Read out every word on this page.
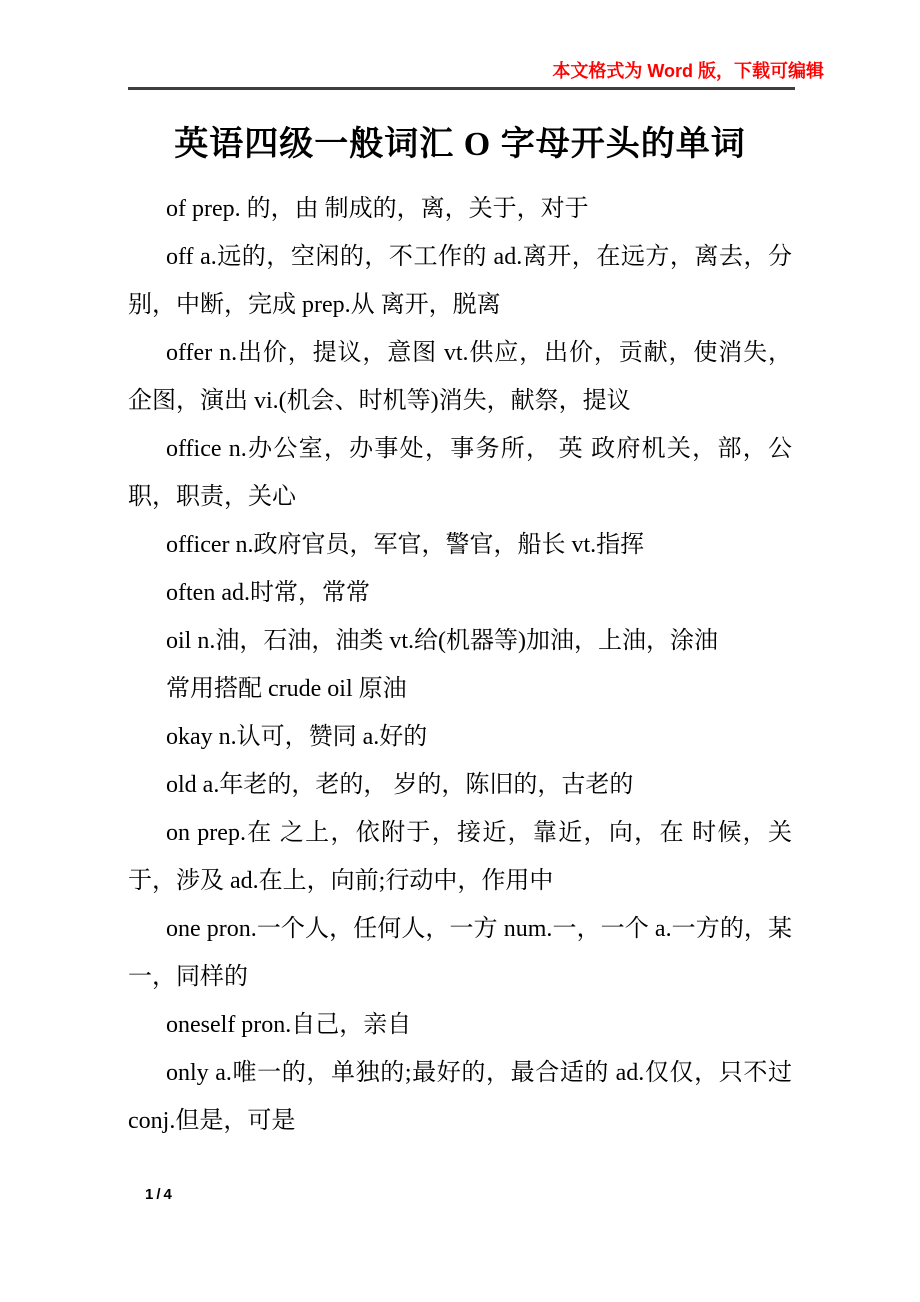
本文格式为 Word 版，下载可编辑
英语四级一般词汇 O 字母开头的单词

of prep. 的，由 制成的，离，关于，对于

off a.远的，空闲的，不工作的 ad.离开，在远方，离去，分别，中断，完成 prep.从 离开，脱离

offer n.出价，提议，意图 vt.供应，出价，贡献，使消失，企图，演出 vi.(机会、时机等)消失，献祭，提议

office n.办公室，办事处，事务所， 英 政府机关，部，公职，职责，关心

officer n.政府官员，军官，警官，船长 vt.指挥

often ad.时常，常常

oil n.油，石油，油类 vt.给(机器等)加油，上油，涂油

常用搭配 crude oil 原油

okay n.认可，赞同 a.好的

old a.年老的，老的， 岁的，陈旧的，古老的

on prep.在 之上，依附于，接近，靠近，向，在 时候，关于，涉及 ad.在上，向前;行动中，作用中

one pron.一个人，任何人，一方 num.一，一个 a.一方的，某一，同样的

oneself pron.自己，亲自

only a.唯一的，单独的;最好的，最合适的 ad.仅仅，只不过 conj.但是，可是

1/4
